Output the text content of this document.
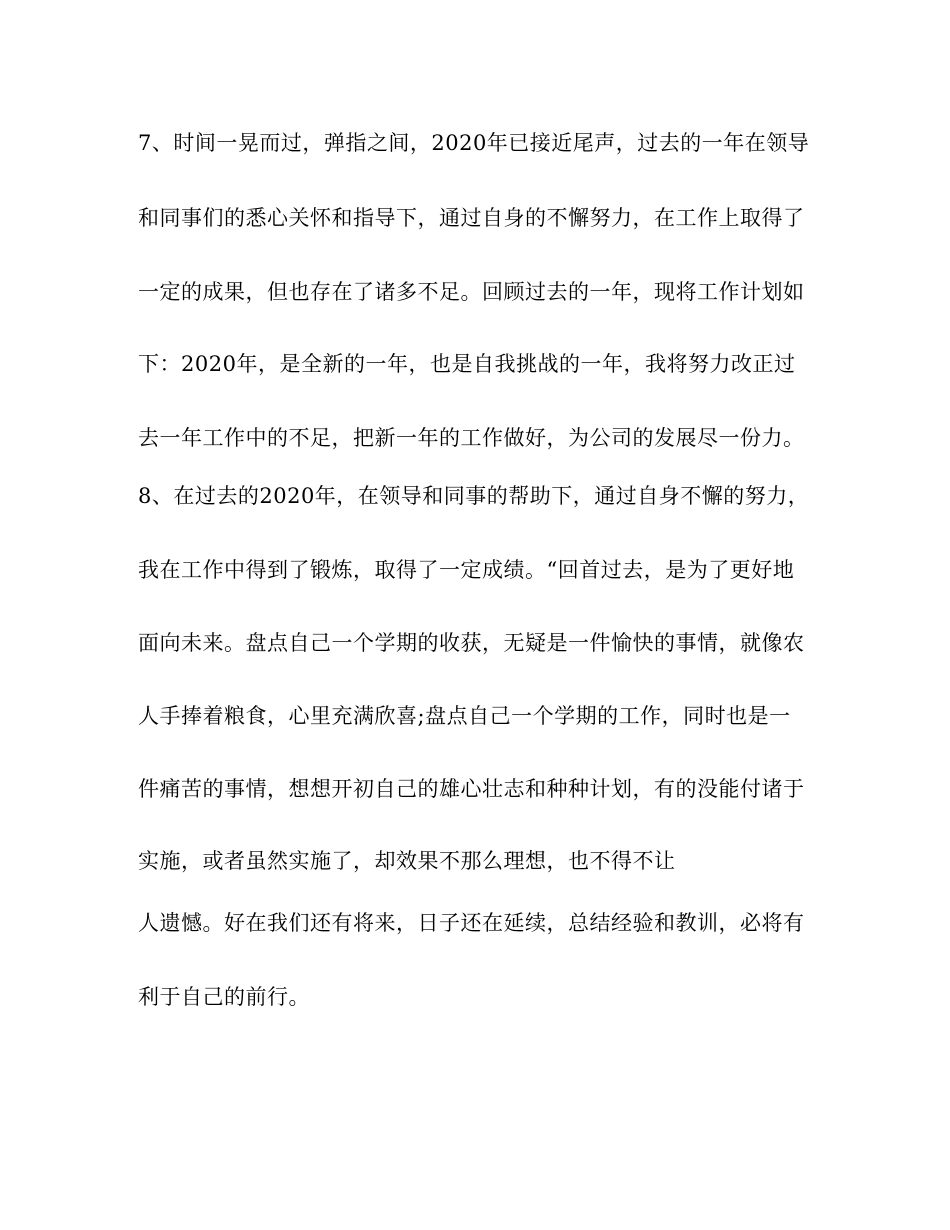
7、时间一晃而过，弹指之间，2020年已接近尾声，过去的一年在领导
和同事们的悉心关怀和指导下，通过自身的不懈努力，在工作上取得了
一定的成果，但也存在了诸多不足。回顾过去的一年，现将工作计划如
下：2020年，是全新的一年，也是自我挑战的一年，我将努力改正过
去一年工作中的不足，把新一年的工作做好，为公司的发展尽一份力。
8、在过去的2020年，在领导和同事的帮助下，通过自身不懈的努力，
我在工作中得到了锻炼，取得了一定成绩。“回首过去，是为了更好地
面向未来。盘点自己一个学期的收获，无疑是一件愉快的事情，就像农
人手捧着粮食，心里充满欣喜;盘点自己一个学期的工作，同时也是一
件痛苦的事情，想想开初自己的雄心壮志和种种计划，有的没能付诸于
实施，或者虽然实施了，却效果不那么理想，也不得不让
人遗憾。好在我们还有将来，日子还在延续，总结经验和教训，必将有
利于自己的前行。
